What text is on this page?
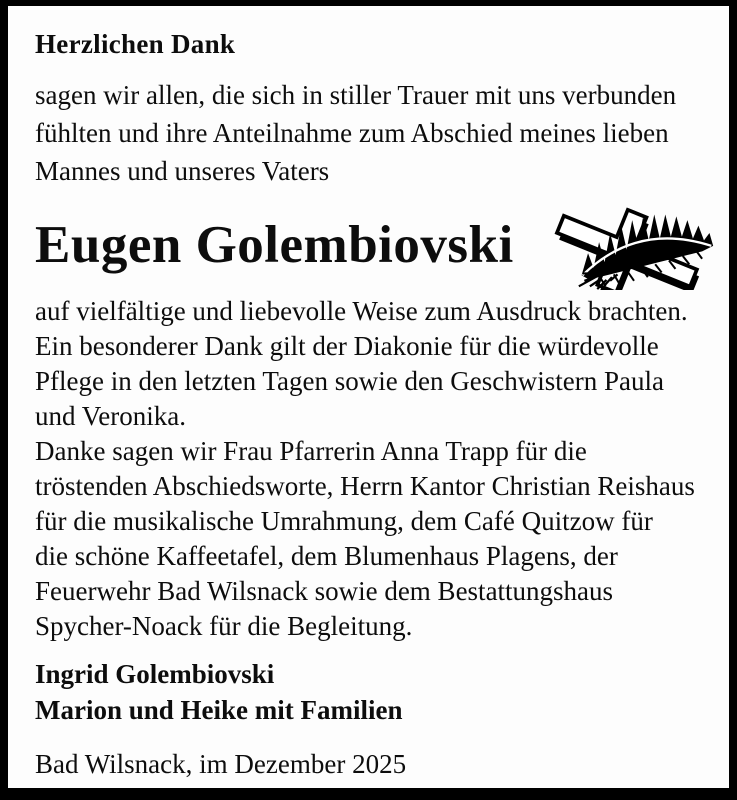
Herzlichen Dank
sagen wir allen, die sich in stiller Trauer mit uns verbunden
fühlten und ihre Anteilnahme zum Abschied meines lieben
Mannes und unseres Vaters
Eugen Golembiovski
auf vielfältige und liebevolle Weise zum Ausdruck brachten.
Ein besonderer Dank gilt der Diakonie für die würdevolle
Pflege in den letzten Tagen sowie den Geschwistern Paula
und Veronika.
Danke sagen wir Frau Pfarrerin Anna Trapp für die
tröstenden Abschiedsworte, Herrn Kantor Christian Reishaus
für die musikalische Umrahmung, dem Café Quitzow für
die schöne Kaffeetafel, dem Blumenhaus Plagens, der
Feuerwehr Bad Wilsnack sowie dem Bestattungshaus
Spycher-Noack für die Begleitung.
Ingrid Golembiovski
Marion und Heike mit Familien
Bad Wilsnack, im Dezember 2025
